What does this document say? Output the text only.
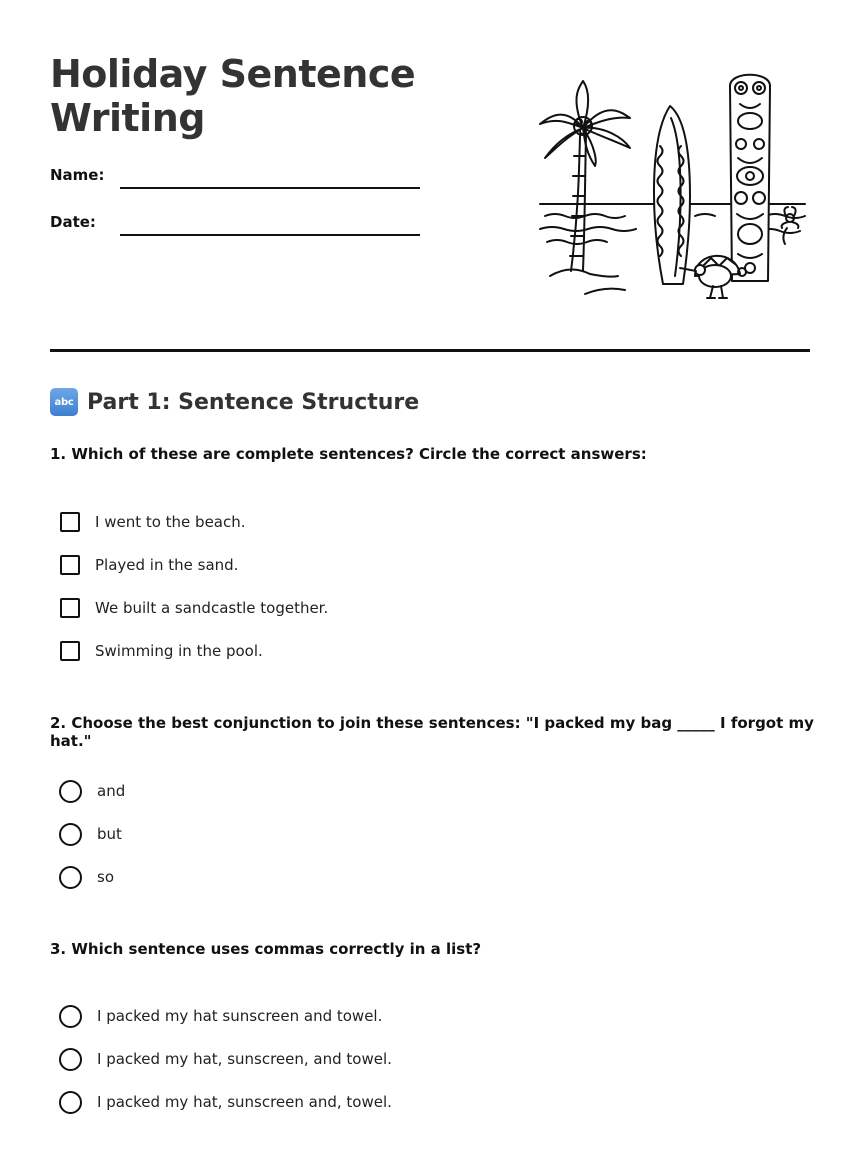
Holiday Sentence Writing
Name:
Date:
abc Part 1: Sentence Structure
1. Which of these are complete sentences? Circle the correct answers:
I went to the beach.
Played in the sand.
We built a sandcastle together.
Swimming in the pool.
2. Choose the best conjunction to join these sentences: "I packed my bag _____ I forgot my hat."
and
but
so
3. Which sentence uses commas correctly in a list?
I packed my hat sunscreen and towel.
I packed my hat, sunscreen, and towel.
I packed my hat, sunscreen and, towel.
